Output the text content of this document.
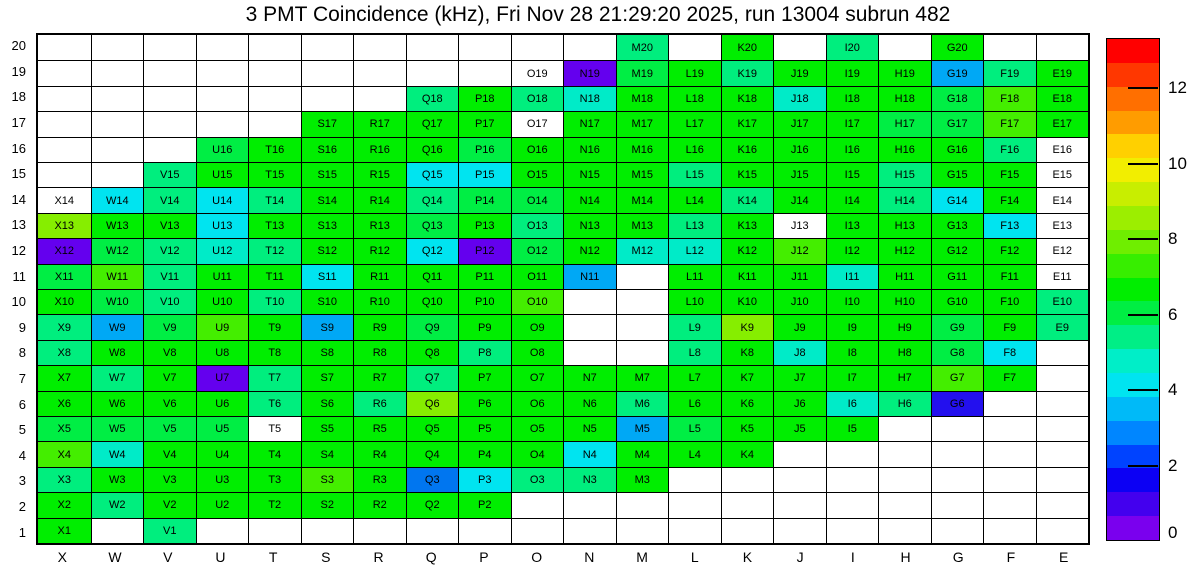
3 PMT Coincidence (kHz), Fri Nov 28 21:29:20 2025, run 13004 subrun 482
20
19
18
17
16
15
14
13
12
11
10
9
8
7
6
5
4
3
2
1
M20	K20	I20	G20
O19	N19	M19	L19	K19	J19	I19	H19	G19	F19	E19
Q18	P18	O18	N18	M18	L18	K18	J18	I18	H18	G18	F18	E18
S17	R17	Q17	P17	O17	N17	M17	L17	K17	J17	I17	H17	G17	F17	E17
U16	T16	S16	R16	Q16	P16	O16	N16	M16	L16	K16	J16	I16	H16	G16	F16	E16
V15	U15	T15	S15	R15	Q15	P15	O15	N15	M15	L15	K15	J15	I15	H15	G15	F15	E15
X14	W14	V14	U14	T14	S14	R14	Q14	P14	O14	N14	M14	L14	K14	J14	I14	H14	G14	F14	E14
X13	W13	V13	U13	T13	S13	R13	Q13	P13	O13	N13	M13	L13	K13	J13	I13	H13	G13	F13	E13
X12	W12	V12	U12	T12	S12	R12	Q12	P12	O12	N12	M12	L12	K12	J12	I12	H12	G12	F12	E12
X11	W11	V11	U11	T11	S11	R11	Q11	P11	O11	N11	L11	K11	J11	I11	H11	G11	F11	E11
X10	W10	V10	U10	T10	S10	R10	Q10	P10	O10	L10	K10	J10	I10	H10	G10	F10	E10
X9	W9	V9	U9	T9	S9	R9	Q9	P9	O9	L9	K9	J9	I9	H9	G9	F9	E9
X8	W8	V8	U8	T8	S8	R8	Q8	P8	O8	L8	K8	J8	I8	H8	G8	F8
X7	W7	V7	U7	T7	S7	R7	Q7	P7	O7	N7	M7	L7	K7	J7	I7	H7	G7	F7
X6	W6	V6	U6	T6	S6	R6	Q6	P6	O6	N6	M6	L6	K6	J6	I6	H6	G6
X5	W5	V5	U5	T5	S5	R5	Q5	P5	O5	N5	M5	L5	K5	J5	I5
X4	W4	V4	U4	T4	S4	R4	Q4	P4	O4	N4	M4	L4	K4
X3	W3	V3	U3	T3	S3	R3	Q3	P3	O3	N3	M3
X2	W2	V2	U2	T2	S2	R2	Q2	P2
X1	V1
X	W	V	U	T	S	R	Q	P	O	N	M	L	K	J	I	H	G	F	E
12
10
8
6
4
2
0
